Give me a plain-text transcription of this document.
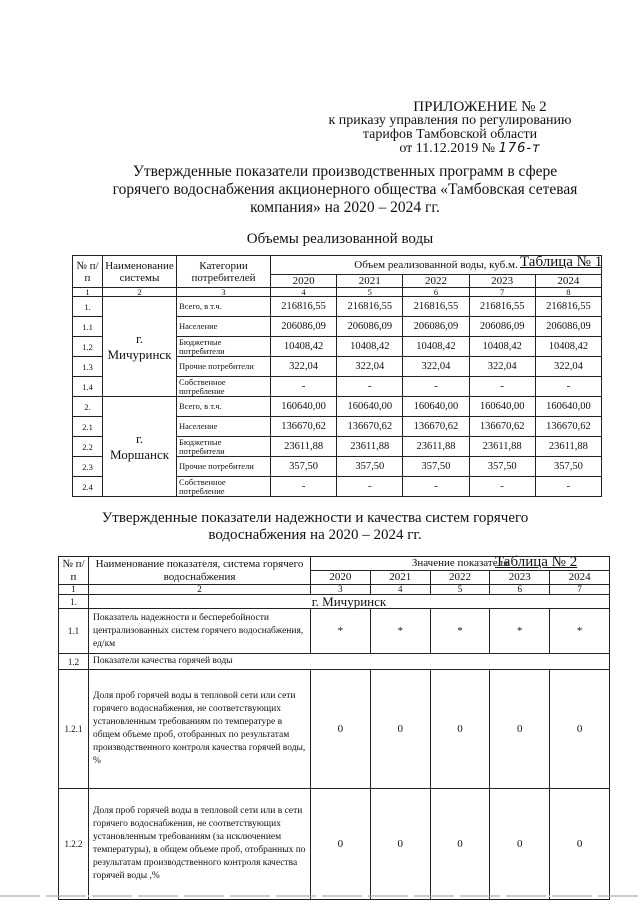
ПРИЛОЖЕНИЕ № 2
к приказу управления по регулированию
тарифов Тамбовской области
от 11.12.2019 № 176-т
Утвержденные показатели производственных программ в сфере
горячего водоснабжения акционерного общества «Тамбовская сетевая
компания» на 2020 – 2024 гг.
Объемы реализованной воды
Таблица № 1
№ п/п	Наименование системы	Категории потребителей	Объем реализованной воды, куб.м.				
			2020	2021	2022	2023	2024
1	2	3	4	5	6	7	8
1.	г. Мичуринск	Всего, в т.ч.	216816,55	216816,55	216816,55	216816,55	216816,55
1.1		Население	206086,09	206086,09	206086,09	206086,09	206086,09
1.2		Бюджетные потребители	10408,42	10408,42	10408,42	10408,42	10408,42
1.3		Прочие потребители	322,04	322,04	322,04	322,04	322,04
1.4		Собственное потребление	-	-	-	-	-
2.	г. Моршанск	Всего, в т.ч.	160640,00	160640,00	160640,00	160640,00	160640,00
2.1		Население	136670,62	136670,62	136670,62	136670,62	136670,62
2.2		Бюджетные потребители	23611,88	23611,88	23611,88	23611,88	23611,88
2.3		Прочие потребители	357,50	357,50	357,50	357,50	357,50
2.4		Собственное потребление	-	-	-	-	-
Утвержденные показатели надежности и качества систем горячего
водоснабжения на 2020 – 2024 гг.
Таблица № 2
№ п/п	Наименование показателя, система горячего водоснабжения	Значение показателя				
		2020	2021	2022	2023	2024
1	2	3	4	5	6	7
1.	г. Мичуринск					
1.1	Показатель надежности и бесперебойности централизованных систем горячего водоснабжения, ед/км	*	*	*	*	*
1.2	Показатели качества горячей воды					
1.2.1	Доля проб горячей воды в тепловой сети или сети горячего водоснабжения, не соответствующих установленным требованиям по температуре в общем объеме проб, отобранных по результатам производственного контроля качества горячей воды, %	0	0	0	0	0
1.2.2	Доля проб горячей воды в тепловой сети или в сети горячего водоснабжения, не соответствующих установленным требованиям (за исключением температуры), в общем объеме проб, отобранных по результатам производственного контроля качества горячей воды ,%	0	0	0	0	0
